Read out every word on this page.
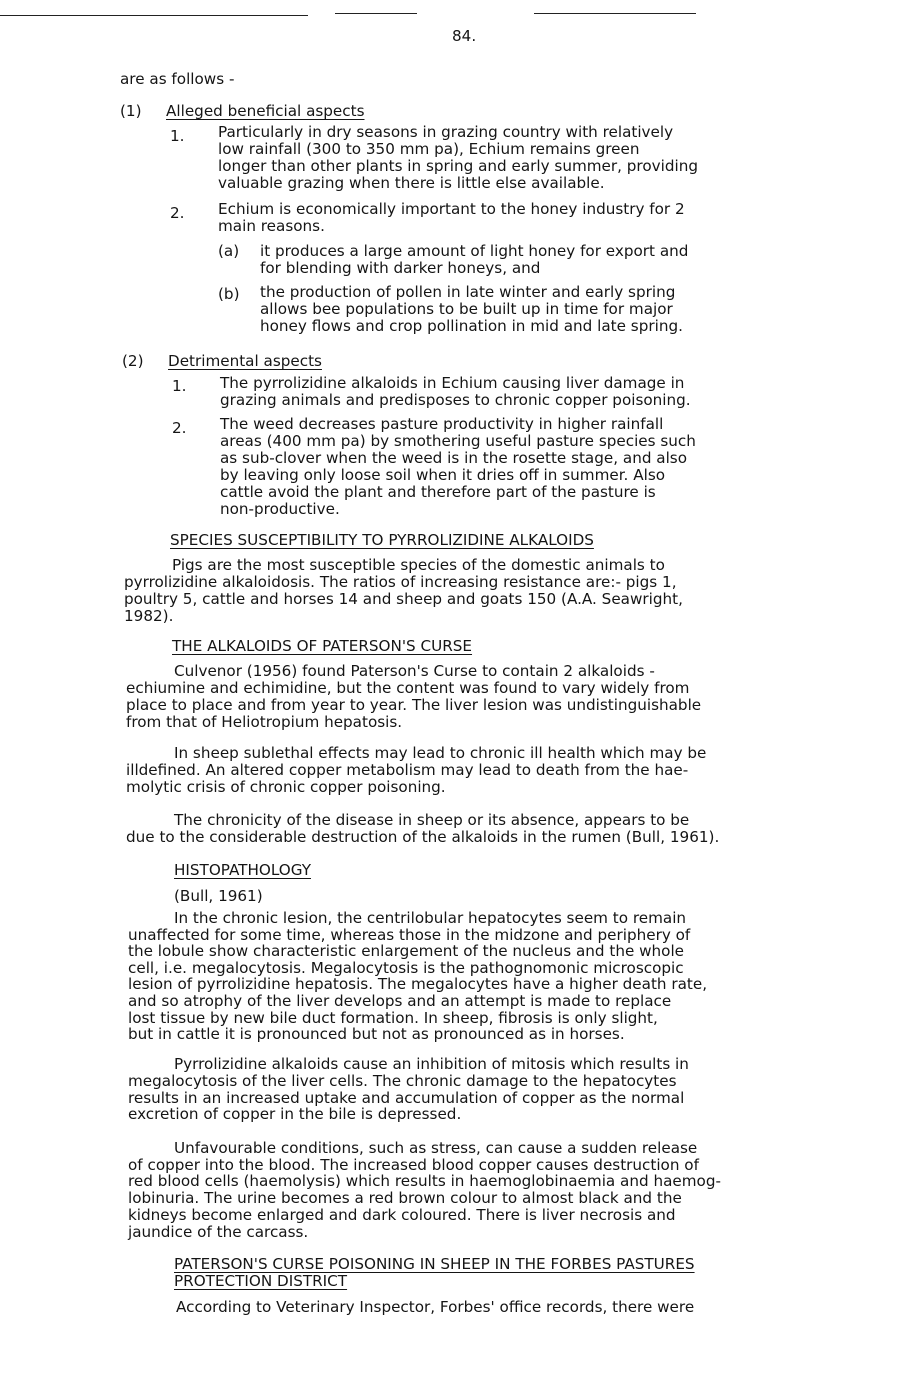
84.
are as follows -
(1) Alleged beneficial aspects
1. Particularly in dry seasons in grazing country with relatively
low rainfall (300 to 350 mm pa), Echium remains green
longer than other plants in spring and early summer, providing
valuable grazing when there is little else available.
2. Echium is economically important to the honey industry for 2
main reasons.
(a) it produces a large amount of light honey for export and
for blending with darker honeys, and
(b) the production of pollen in late winter and early spring
allows bee populations to be built up in time for major
honey flows and crop pollination in mid and late spring.
(2) Detrimental aspects
1. The pyrrolizidine alkaloids in Echium causing liver damage in
grazing animals and predisposes to chronic copper poisoning.
2. The weed decreases pasture productivity in higher rainfall
areas (400 mm pa) by smothering useful pasture species such
as sub-clover when the weed is in the rosette stage, and also
by leaving only loose soil when it dries off in summer. Also
cattle avoid the plant and therefore part of the pasture is
non-productive.
SPECIES SUSCEPTIBILITY TO PYRROLIZIDINE ALKALOIDS
Pigs are the most susceptible species of the domestic animals to
pyrrolizidine alkaloidosis. The ratios of increasing resistance are:- pigs 1,
poultry 5, cattle and horses 14 and sheep and goats 150 (A.A. Seawright,
1982).
THE ALKALOIDS OF PATERSON'S CURSE
Culvenor (1956) found Paterson's Curse to contain 2 alkaloids -
echiumine and echimidine, but the content was found to vary widely from
place to place and from year to year. The liver lesion was undistinguishable
from that of Heliotropium hepatosis.
In sheep sublethal effects may lead to chronic ill health which may be
illdefined. An altered copper metabolism may lead to death from the hae-
molytic crisis of chronic copper poisoning.
The chronicity of the disease in sheep or its absence, appears to be
due to the considerable destruction of the alkaloids in the rumen (Bull, 1961).
HISTOPATHOLOGY
(Bull, 1961)
In the chronic lesion, the centrilobular hepatocytes seem to remain
unaffected for some time, whereas those in the midzone and periphery of
the lobule show characteristic enlargement of the nucleus and the whole
cell, i.e. megalocytosis. Megalocytosis is the pathognomonic microscopic
lesion of pyrrolizidine hepatosis. The megalocytes have a higher death rate,
and so atrophy of the liver develops and an attempt is made to replace
lost tissue by new bile duct formation. In sheep, fibrosis is only slight,
but in cattle it is pronounced but not as pronounced as in horses.
Pyrrolizidine alkaloids cause an inhibition of mitosis which results in
megalocytosis of the liver cells. The chronic damage to the hepatocytes
results in an increased uptake and accumulation of copper as the normal
excretion of copper in the bile is depressed.
Unfavourable conditions, such as stress, can cause a sudden release
of copper into the blood. The increased blood copper causes destruction of
red blood cells (haemolysis) which results in haemoglobinaemia and haemog-
lobinuria. The urine becomes a red brown colour to almost black and the
kidneys become enlarged and dark coloured. There is liver necrosis and
jaundice of the carcass.
PATERSON'S CURSE POISONING IN SHEEP IN THE FORBES PASTURES
PROTECTION DISTRICT
According to Veterinary Inspector, Forbes' office records, there were
